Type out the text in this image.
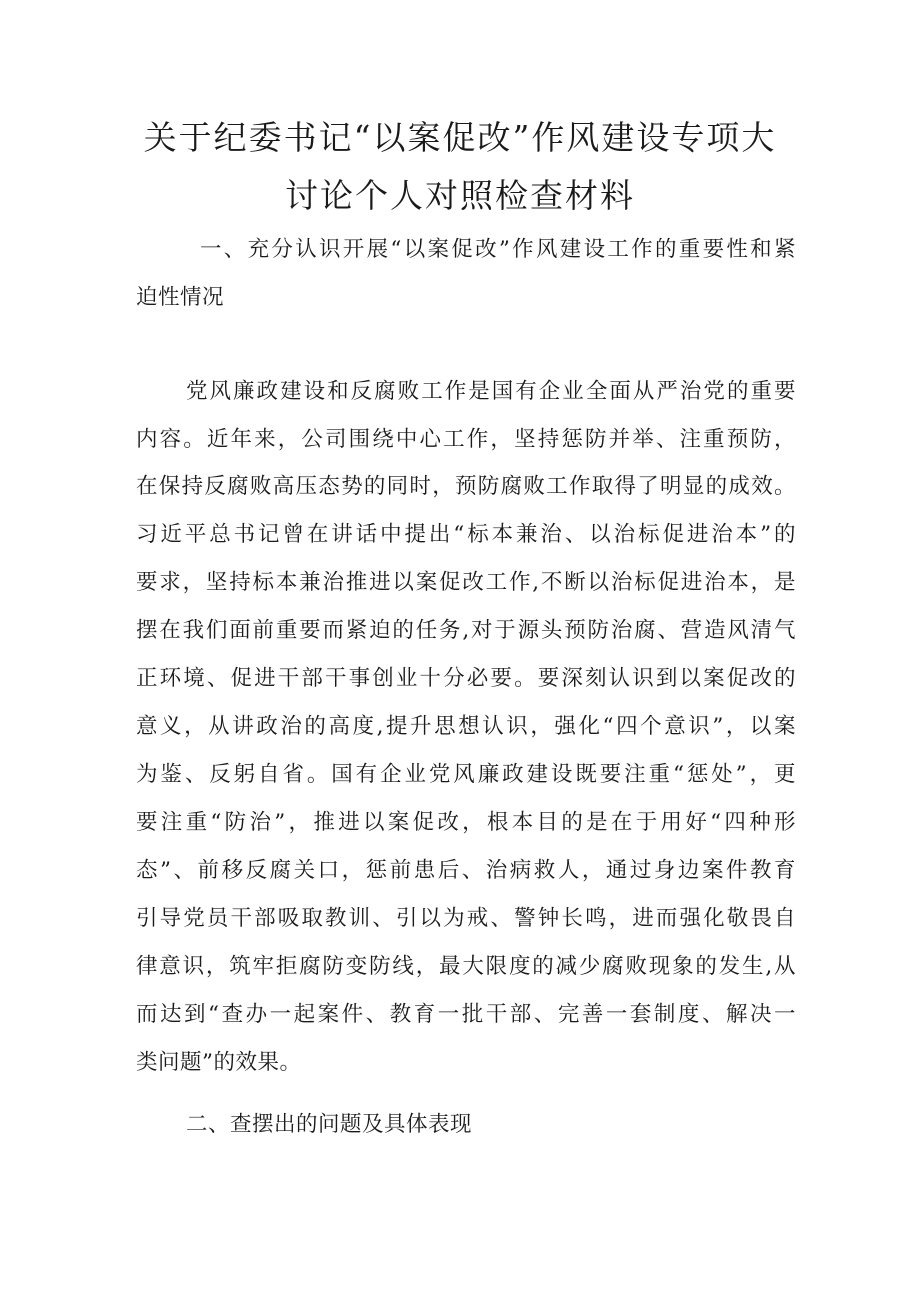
关于纪委书记“以案促改”作风建设专项大
讨论个人对照检查材料

一、充分认识开展“以案促改”作风建设工作的重要性和紧

迫性情况

党风廉政建设和反腐败工作是国有企业全面从严治党的重要

内容。近年来，公司围绕中心工作，坚持惩防并举、注重预防，

在保持反腐败高压态势的同时，预防腐败工作取得了明显的成效。

习近平总书记曾在讲话中提出“标本兼治、以治标促进治本”的

要求，坚持标本兼治推进以案促改工作,不断以治标促进治本，是

摆在我们面前重要而紧迫的任务,对于源头预防治腐、营造风清气

正环境、促进干部干事创业十分必要。要深刻认识到以案促改的

意义，从讲政治的高度,提升思想认识，强化“四个意识”，以案

为鉴、反躬自省。国有企业党风廉政建设既要注重“惩处”，更

要注重“防治”，推进以案促改，根本目的是在于用好“四种形

态”、前移反腐关口，惩前患后、治病救人，通过身边案件教育

引导党员干部吸取教训、引以为戒、警钟长鸣，进而强化敬畏自

律意识，筑牢拒腐防变防线，最大限度的减少腐败现象的发生,从

而达到“查办一起案件、教育一批干部、完善一套制度、解决一

类问题”的效果。

二、查摆出的问题及具体表现
